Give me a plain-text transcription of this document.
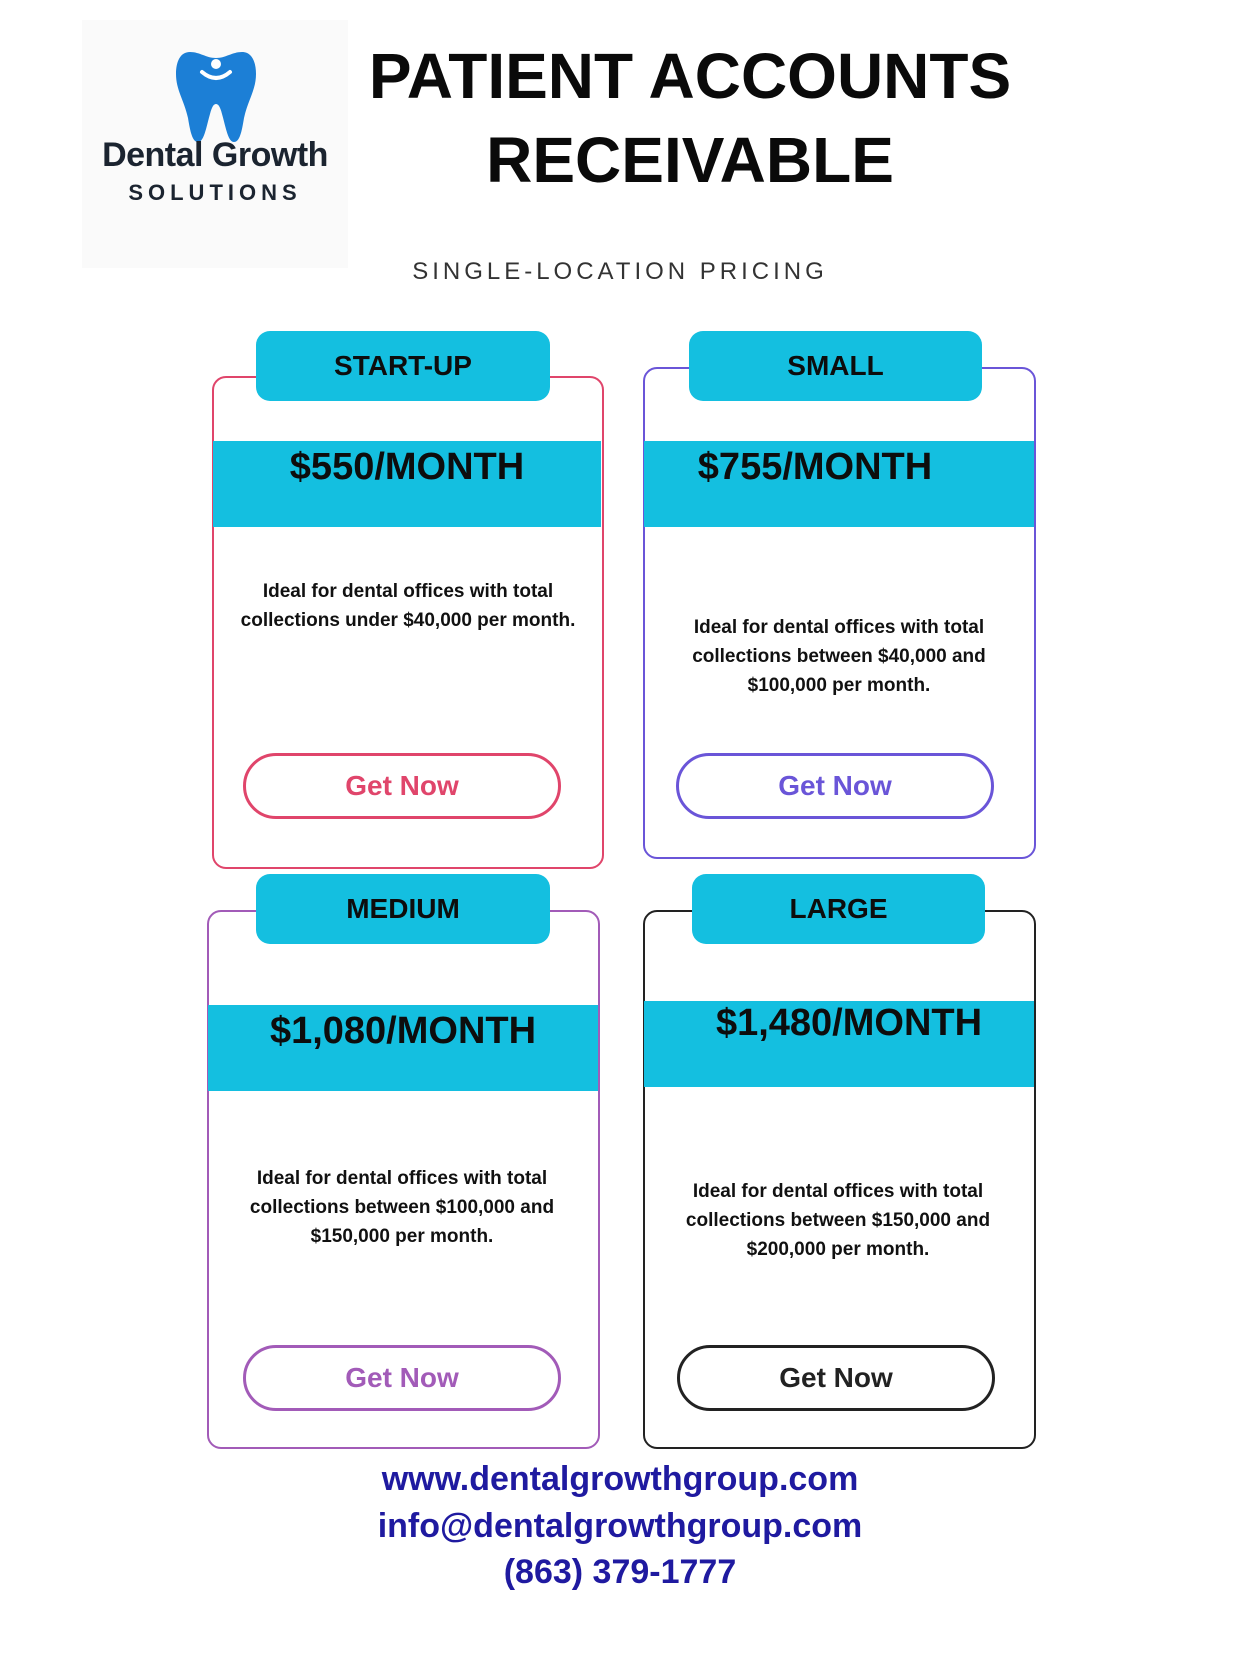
Dental Growth
SOLUTIONS
PATIENT ACCOUNTS
RECEIVABLE
SINGLE-LOCATION PRICING
START-UP
$550/MONTH
Ideal for dental offices with total collections under $40,000 per month.
Get Now
SMALL
$755/MONTH
Ideal for dental offices with total collections between $40,000 and $100,000 per month.
Get Now
MEDIUM
$1,080/MONTH
Ideal for dental offices with total collections between $100,000 and $150,000 per month.
Get Now
LARGE
$1,480/MONTH
Ideal for dental offices with total collections between $150,000 and $200,000 per month.
Get Now
www.dentalgrowthgroup.com
info@dentalgrowthgroup.com
(863) 379-1777
